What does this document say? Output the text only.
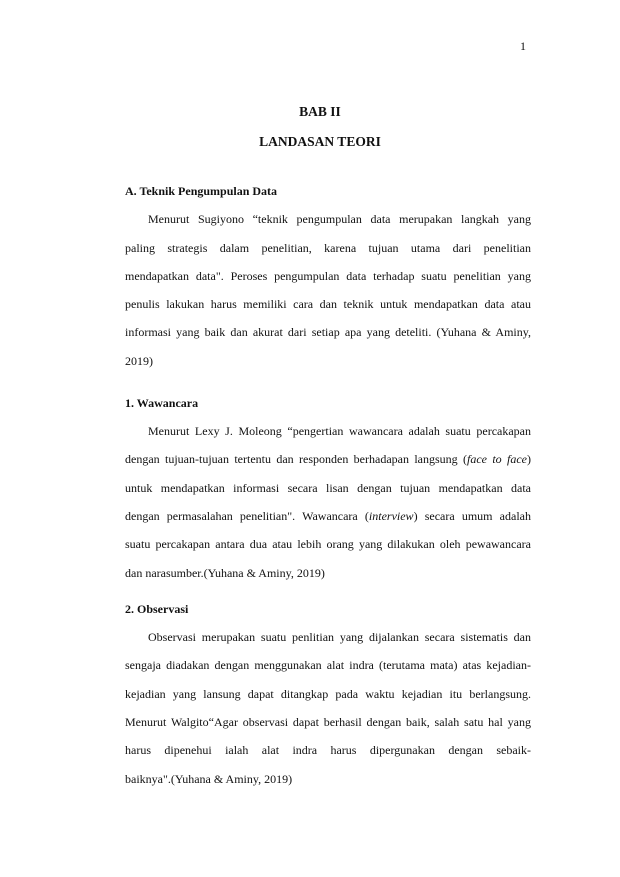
1
BAB II
LANDASAN TEORI
A. Teknik Pengumpulan Data
Menurut Sugiyono “teknik pengumpulan data merupakan langkah yang
paling strategis dalam penelitian, karena tujuan utama dari penelitian
mendapatkan data". Perоses pengumpulan data terhadap suatu penelitian yang
penulis lakukan harus memiliki cara dan teknik untuk mendapatkan data atau
informasi yang baik dan akurat dari setiap apa yang deteliti. (Yuhana & Aminy,
2019)
1. Wawancara
Menurut Lexy J. Moleong “pengertian wawancara adalah suatu percakapan
dengan tujuan-tujuan tertentu dan responden berhadapan langsung (face to face)
untuk mendapatkan informasi secara lisan dengan tujuan mendapatkan data
dengan permasalahan penelitian". Wawancara (interview) secara umum adalah
suatu percakapan antara dua atau lebih orang yang dilakukan oleh pewawancara
dan narasumber.(Yuhana & Aminy, 2019)
2. Observasi
Observasi merupakan suatu penlitian yang dijalankan secara sistematis dan
sengaja diadakan dengan menggunakan alat indra (terutama mata) atas kejadian-
kejadian yang lansung dapat ditangkap pada waktu kejadian itu berlangsung.
Menurut Walgito“Agar observasi dapat berhasil dengan baik, salah satu hal yang
harus dipenehui ialah alat indra harus dipergunakan dengan sebaik-
baiknya".(Yuhana & Aminy, 2019)
